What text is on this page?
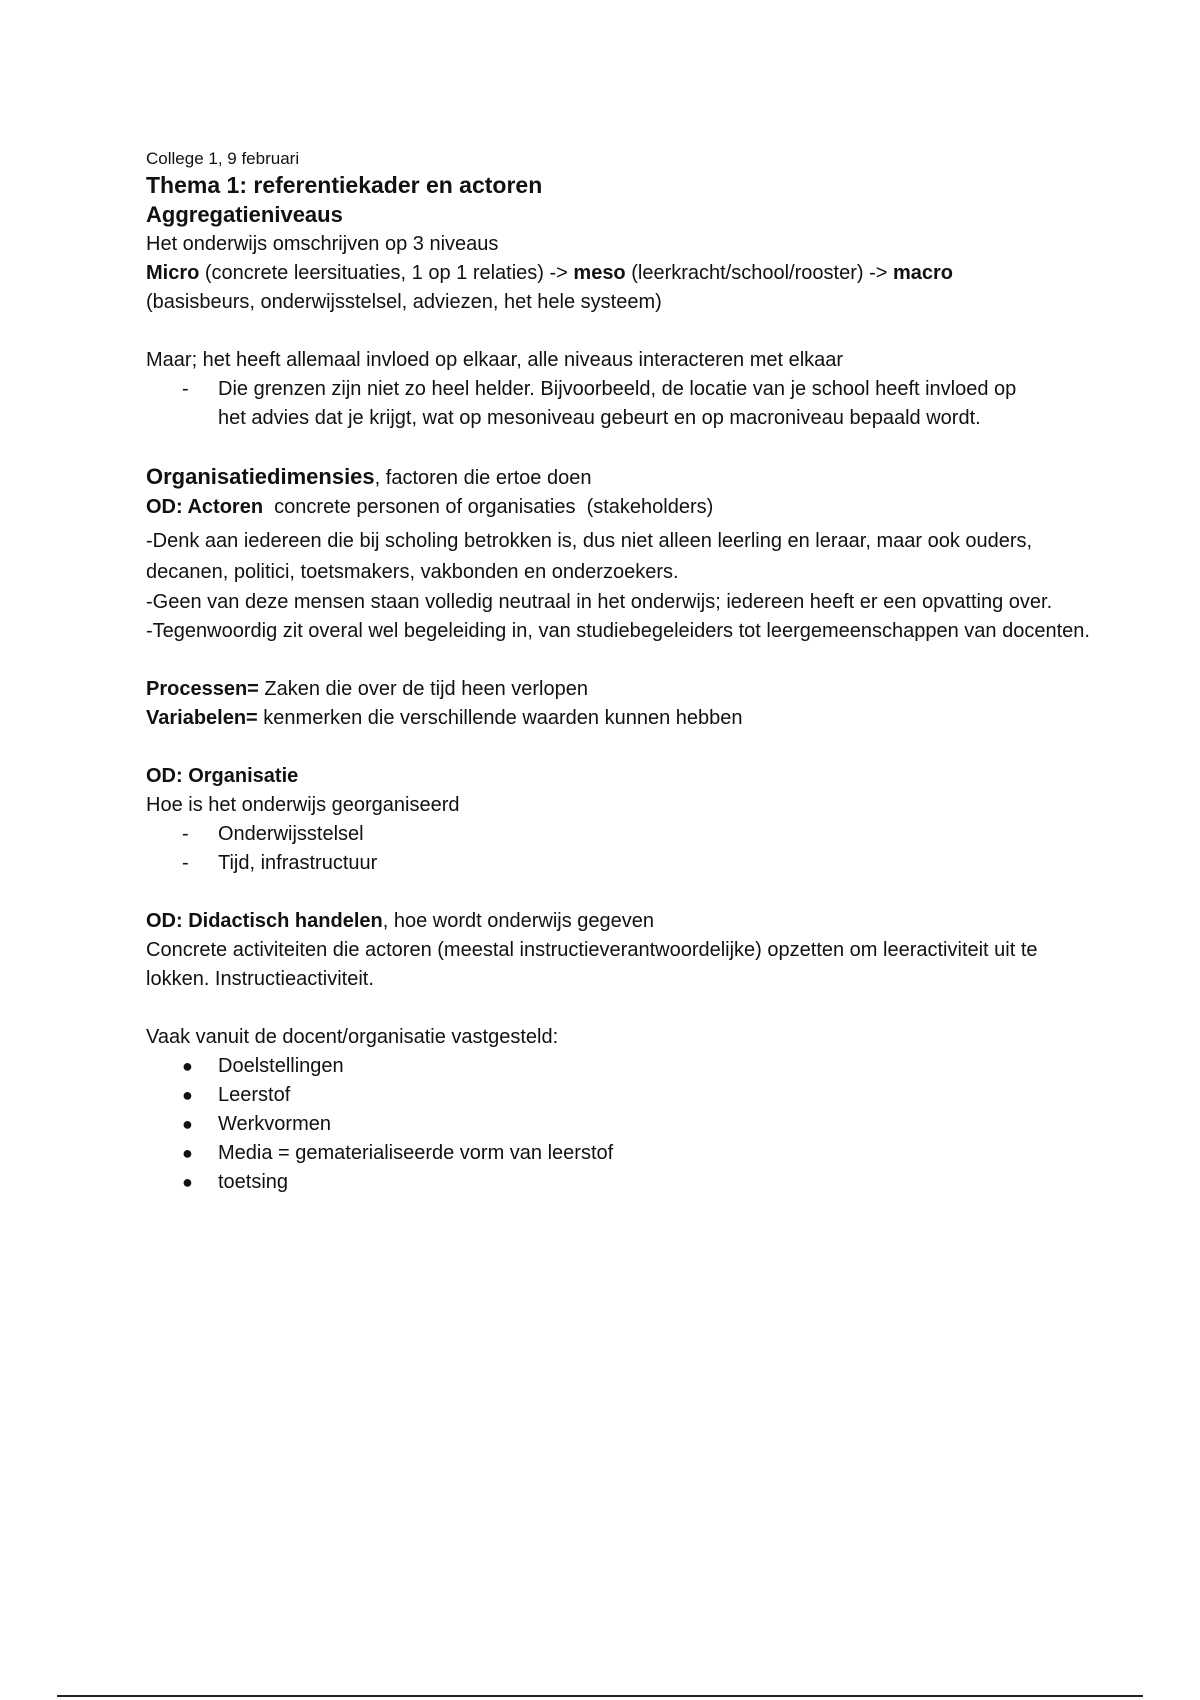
College 1, 9 februari
Thema 1: referentiekader en actoren
Aggregatieniveaus
Het onderwijs omschrijven op 3 niveaus
Micro (concrete leersituaties, 1 op 1 relaties) -> meso (leerkracht/school/rooster) -> macro
(basisbeurs, onderwijsstelsel, adviezen, het hele systeem)
Maar; het heeft allemaal invloed op elkaar, alle niveaus interacteren met elkaar
- Die grenzen zijn niet zo heel helder. Bijvoorbeeld, de locatie van je school heeft invloed op het advies dat je krijgt, wat op mesoniveau gebeurt en op macroniveau bepaald wordt.
Organisatiedimensies, factoren die ertoe doen
OD: Actoren  concrete personen of organisaties  (stakeholders)
-Denk aan iedereen die bij scholing betrokken is, dus niet alleen leerling en leraar, maar ook ouders, decanen, politici, toetsmakers, vakbonden en onderzoekers.
-Geen van deze mensen staan volledig neutraal in het onderwijs; iedereen heeft er een opvatting over.
-Tegenwoordig zit overal wel begeleiding in, van studiebegeleiders tot leergemeenschappen van docenten.
Processen= Zaken die over de tijd heen verlopen
Variabelen= kenmerken die verschillende waarden kunnen hebben
OD: Organisatie
Hoe is het onderwijs georganiseerd
- Onderwijsstelsel
- Tijd, infrastructuur
OD: Didactisch handelen, hoe wordt onderwijs gegeven
Concrete activiteiten die actoren (meestal instructieverantwoordelijke) opzetten om leeractiviteit uit te lokken. Instructieactiviteit.
Vaak vanuit de docent/organisatie vastgesteld:
● Doelstellingen
● Leerstof
● Werkvormen
● Media = gematerialiseerde vorm van leerstof
● toetsing
